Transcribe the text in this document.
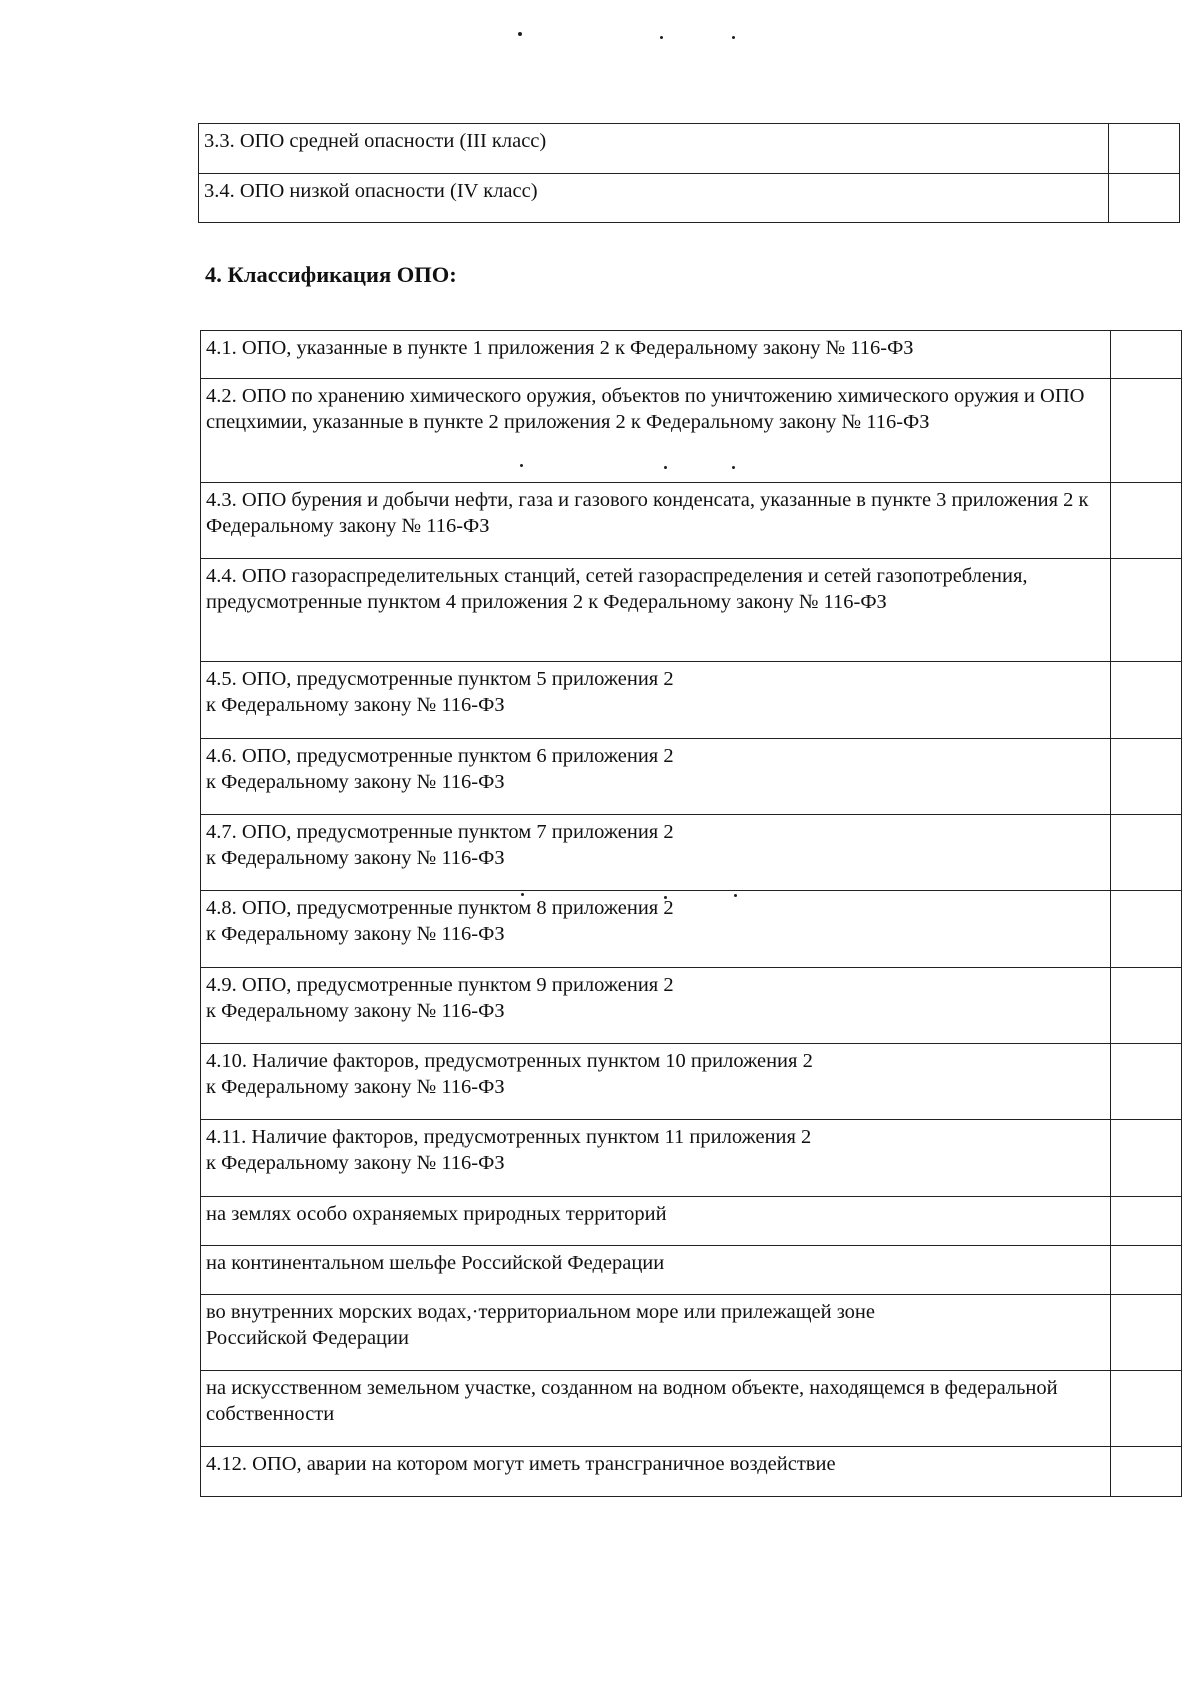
3.3. ОПО средней опасности (III класс)	
3.4. ОПО низкой опасности (IV класс)	
4. Классификация ОПО:
4.1. ОПО, указанные в пункте 1 приложения 2 к Федеральному закону № 116-ФЗ	
4.2. ОПО по хранению химического оружия, объектов по уничтожению химического оружия и ОПО спецхимии, указанные в пункте 2 приложения 2 к Федеральному закону № 116-ФЗ	
4.3. ОПО бурения и добычи нефти, газа и газового конденсата, указанные в пункте 3 приложения 2 к Федеральному закону № 116-ФЗ	
4.4. ОПО газораспределительных станций, сетей газораспределения и сетей газопотребления, предусмотренные пунктом 4 приложения 2 к Федеральному закону № 116-ФЗ	
4.5. ОПО, предусмотренные пунктом 5 приложения 2
к Федеральному закону № 116-ФЗ	
4.6. ОПО, предусмотренные пунктом 6 приложения 2
к Федеральному закону № 116-ФЗ	
4.7. ОПО, предусмотренные пунктом 7 приложения 2
к Федеральному закону № 116-ФЗ	
4.8. ОПО, предусмотренные пунктом 8 приложения 2
к Федеральному закону № 116-ФЗ	
4.9. ОПО, предусмотренные пунктом 9 приложения 2
к Федеральному закону № 116-ФЗ	
4.10. Наличие факторов, предусмотренных пунктом 10 приложения 2
к Федеральному закону № 116-ФЗ	
4.11. Наличие факторов, предусмотренных пунктом 11 приложения 2
к Федеральному закону № 116-ФЗ	
на землях особо охраняемых природных территорий	
на континентальном шельфе Российской Федерации	
во внутренних морских водах,·территориальном море или прилежащей зоне
Российской Федерации	
на искусственном земельном участке, созданном на водном объекте, находящемся в федеральной собственности	
4.12. ОПО, аварии на котором могут иметь трансграничное воздействие	
